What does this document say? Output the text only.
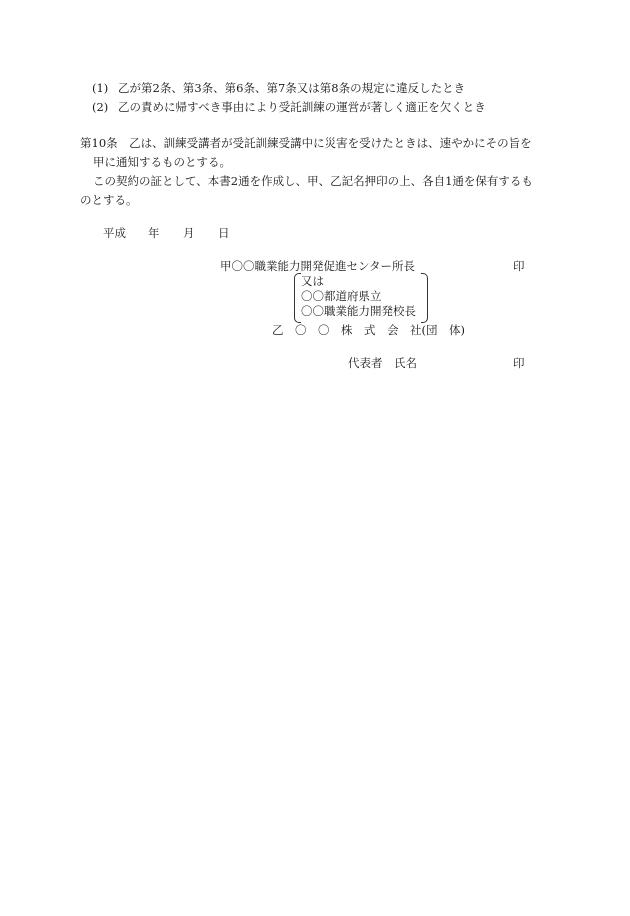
(1) 乙が第2条、第3条、第6条、第7条又は第8条の規定に違反したとき
(2) 乙の責めに帰すべき事由により受託訓練の運営が著しく適正を欠くとき
第10条　乙は、訓練受講者が受託訓練受講中に災害を受けたときは、速やかにその旨を
甲に通知するものとする。
この契約の証として、本書2通を作成し、甲、乙記名押印の上、各自1通を保有するも
のとする。
平成 年 月 日
甲〇〇職業能力開発促進センター所長	印
又は
〇〇都道府県立
〇〇職業能力開発校長
乙　〇　〇　株　式　会　社(団　体)
代表者　氏名	印
